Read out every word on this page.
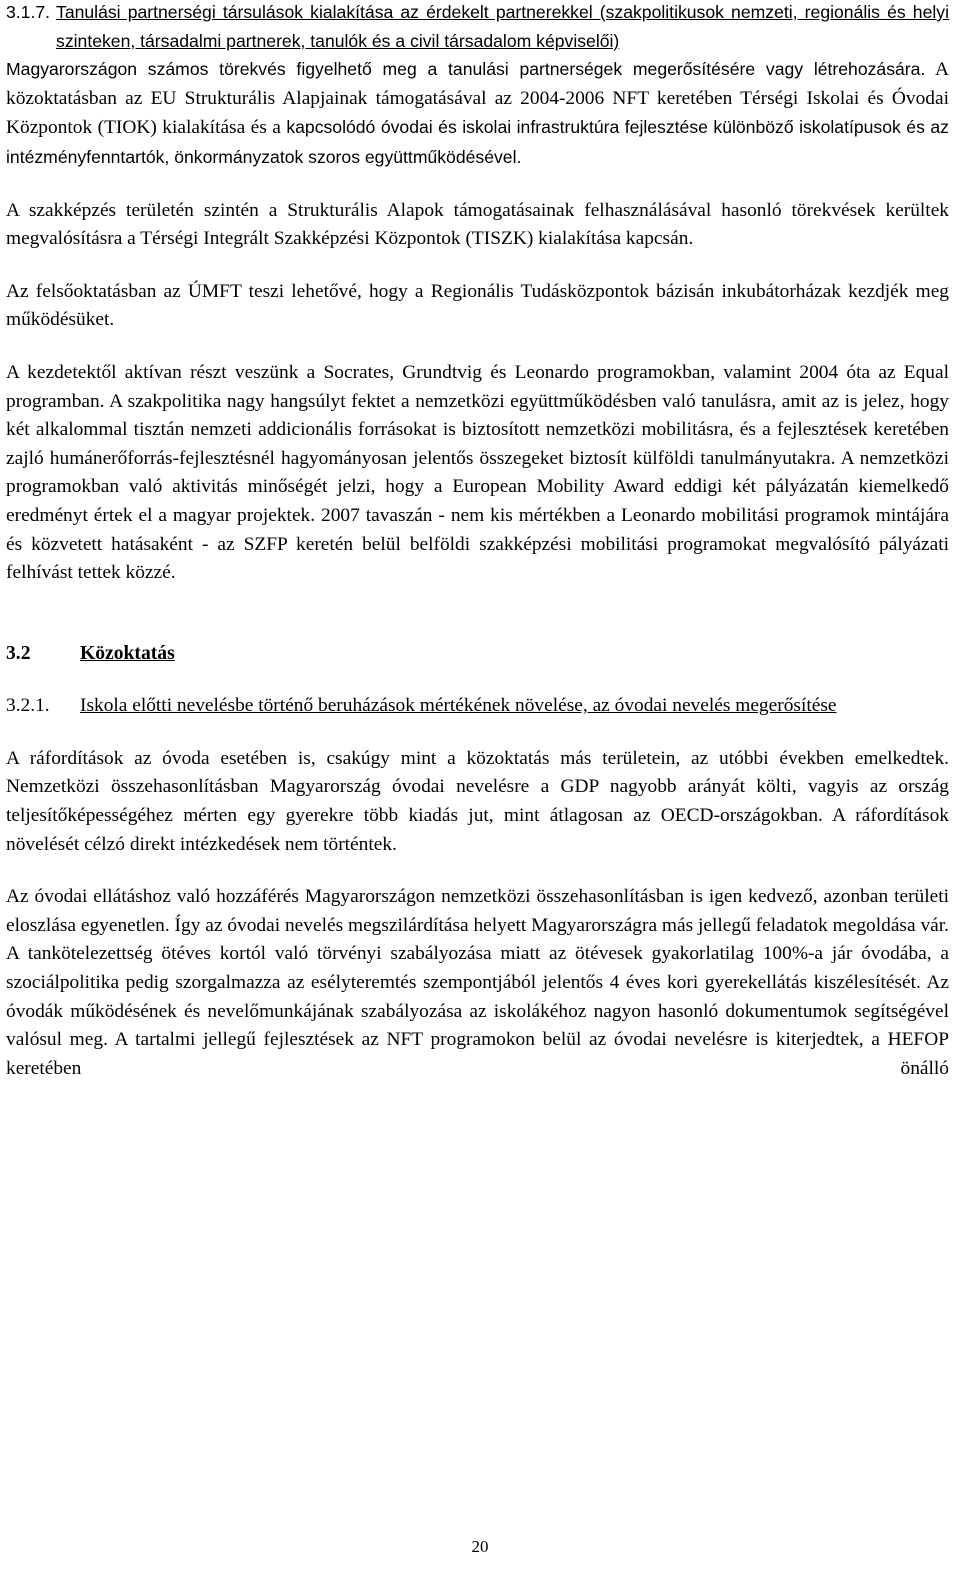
3.1.7. Tanulási partnerségi társulások kialakítása az érdekelt partnerekkel (szakpolitikusok nemzeti, regionális és helyi szinteken, társadalmi partnerek, tanulók és a civil társadalom képviselői)

Magyarországon számos törekvés figyelhető meg a tanulási partnerségek megerősítésére vagy létrehozására. A közoktatásban az EU Strukturális Alapjainak támogatásával az 2004-2006 NFT keretében Térségi Iskolai és Óvodai Központok (TIOK) kialakítása és a kapcsolódó óvodai és iskolai infrastruktúra fejlesztése különböző iskolatípusok és az intézményfenntartók, önkormányzatok szoros együttműködésével.

A szakképzés területén szintén a Strukturális Alapok támogatásainak felhasználásával hasonló törekvések kerültek megvalósításra a Térségi Integrált Szakképzési Központok (TISZK) kialakítása kapcsán.

Az felsőoktatásban az ÚMFT teszi lehetővé, hogy a Regionális Tudásközpontok bázisán inkubátorházak kezdjék meg működésüket.

A kezdetektől aktívan részt veszünk a Socrates, Grundtvig és Leonardo programokban, valamint 2004 óta az Equal programban. A szakpolitika nagy hangsúlyt fektet a nemzetközi együttműködésben való tanulásra, amit az is jelez, hogy két alkalommal tisztán nemzeti addicionális forrásokat is biztosított nemzetközi mobilitásra, és a fejlesztések keretében zajló humánerőforrás-fejlesztésnél hagyományosan jelentős összegeket biztosít külföldi tanulmányutakra. A nemzetközi programokban való aktivitás minőségét jelzi, hogy a European Mobility Award eddigi két pályázatán kiemelkedő eredményt értek el a magyar projektek. 2007 tavaszán - nem kis mértékben a Leonardo mobilitási programok mintájára és közvetett hatásaként - az SZFP keretén belül belföldi szakképzési mobilitási programokat megvalósító pályázati felhívást tettek közzé.

3.2	Közoktatás
3.2.1.	Iskola előtti nevelésbe történő beruházások mértékének növelése, az óvodai nevelés megerősítése

A ráfordítások az óvoda esetében is, csakúgy mint a közoktatás más területein, az utóbbi években emelkedtek. Nemzetközi összehasonlításban Magyarország óvodai nevelésre a GDP nagyobb arányát költi, vagyis az ország teljesítőképességéhez mérten egy gyerekre több kiadás jut, mint átlagosan az OECD-országokban. A ráfordítások növelését célzó direkt intézkedések nem történtek.

Az óvodai ellátáshoz való hozzáférés Magyarországon nemzetközi összehasonlításban is igen kedvező, azonban területi eloszlása egyenetlen. Így az óvodai nevelés megszilárdítása helyett Magyarországra más jellegű feladatok megoldása vár. A tankötelezettség ötéves kortól való törvényi szabályozása miatt az ötévesek gyakorlatilag 100%-a jár óvodába, a szociálpolitika pedig szorgalmazza az esélyteremtés szempontjából jelentős 4 éves kori gyerekellátás kiszélesítését. Az óvodák működésének és nevelőmunkájának szabályozása az iskolákéhoz nagyon hasonló dokumentumok segítségével valósul meg. A tartalmi jellegű fejlesztések az NFT programokon belül az óvodai nevelésre is kiterjedtek, a HEFOP keretében önálló

20
